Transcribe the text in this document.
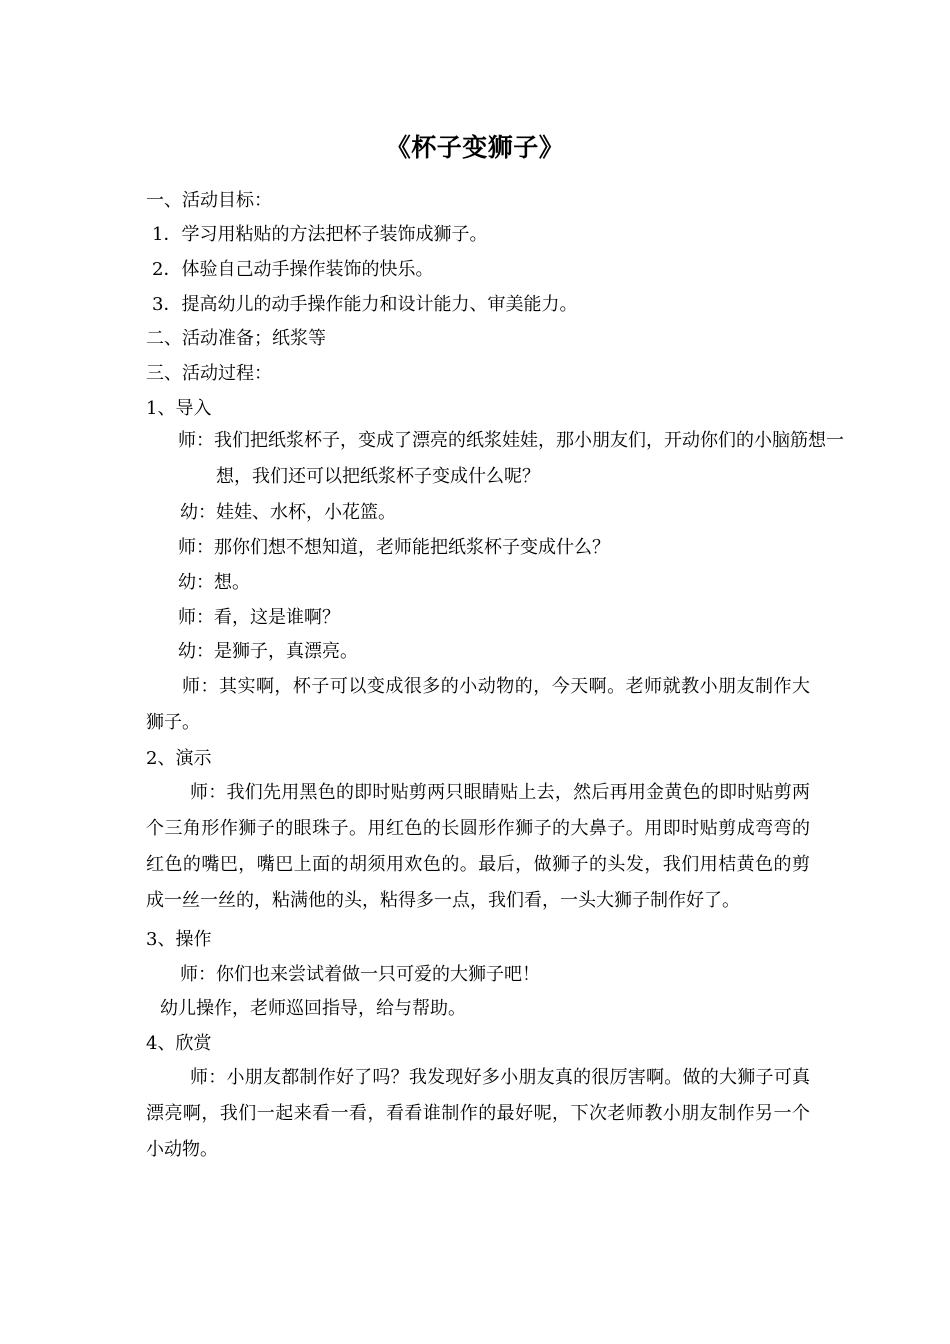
《杯子变狮子》
一、活动目标：
1．学习用粘贴的方法把杯子装饰成狮子。
2．体验自己动手操作装饰的快乐。
3．提高幼儿的动手操作能力和设计能力、审美能力。
二、活动准备；纸浆等
三、活动过程：
1、导入
师：我们把纸浆杯子，变成了漂亮的纸浆娃娃，那小朋友们，开动你们的小脑筋想一想，我们还可以把纸浆杯子变成什么呢？
幼：娃娃、水杯，小花篮。
师：那你们想不想知道，老师能把纸浆杯子变成什么？
幼：想。
师：看，这是谁啊？
幼：是狮子，真漂亮。
师：其实啊，杯子可以变成很多的小动物的，今天啊。老师就教小朋友制作大狮子。
2、演示
师：我们先用黑色的即时贴剪两只眼睛贴上去，然后再用金黄色的即时贴剪两个三角形作狮子的眼珠子。用红色的长圆形作狮子的大鼻子。用即时贴剪成弯弯的红色的嘴巴，嘴巴上面的胡须用欢色的。最后，做狮子的头发，我们用桔黄色的剪成一丝一丝的，粘满他的头，粘得多一点，我们看，一头大狮子制作好了。
3、操作
师：你们也来尝试着做一只可爱的大狮子吧！
幼儿操作，老师巡回指导，给与帮助。
4、欣赏
师：小朋友都制作好了吗？我发现好多小朋友真的很厉害啊。做的大狮子可真漂亮啊，我们一起来看一看，看看谁制作的最好呢，下次老师教小朋友制作另一个小动物。
